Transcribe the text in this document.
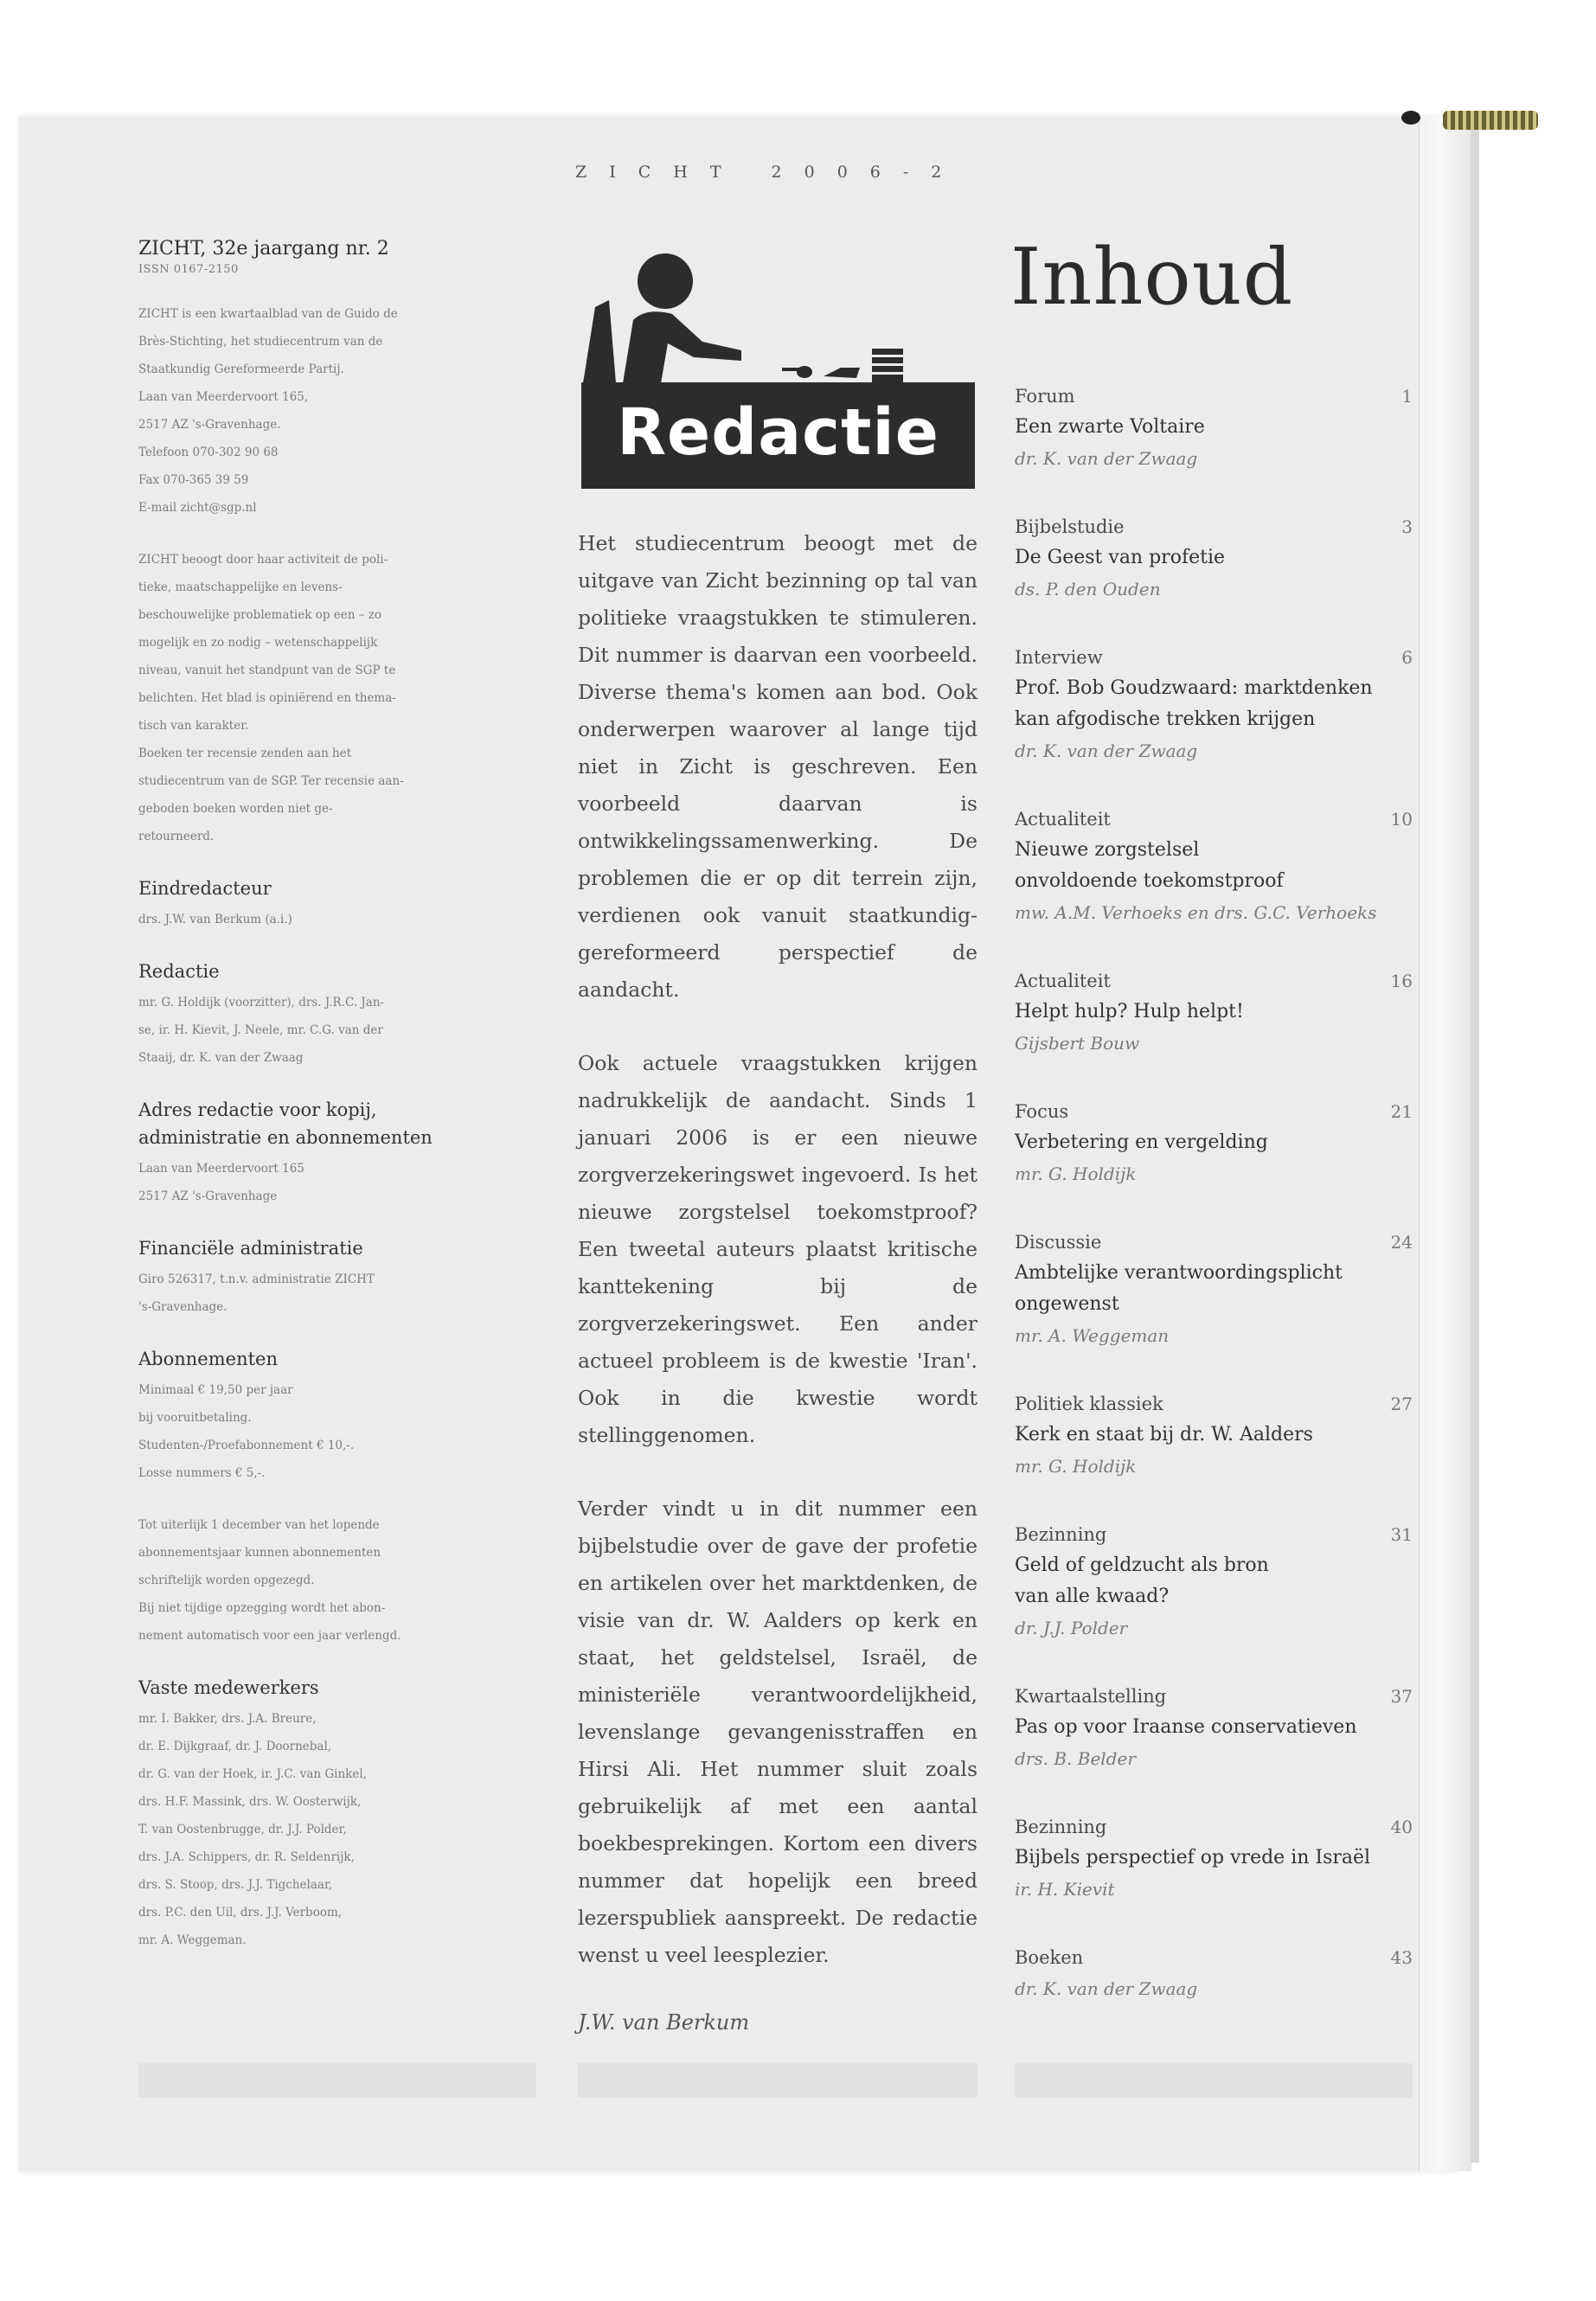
ZICHT 2006-2
ZICHT, 32e jaargang nr. 2
ISSN 0167-2150
ZICHT is een kwartaalblad van de Guido de
Brès-Stichting, het studiecentrum van de
Staatkundig Gereformeerde Partij.
Laan van Meerdervoort 165,
2517 AZ 's-Gravenhage.
Telefoon 070-302 90 68
Fax 070-365 39 59
E-mail zicht@sgp.nl
ZICHT beoogt door haar activiteit de poli-
tieke, maatschappelijke en levens-
beschouwelijke problematiek op een – zo
mogelijk en zo nodig – wetenschappelijk
niveau, vanuit het standpunt van de SGP te
belichten. Het blad is opiniërend en thema-
tisch van karakter.
Boeken ter recensie zenden aan het
studiecentrum van de SGP. Ter recensie aan-
geboden boeken worden niet ge-
retourneerd.
Eindredacteur
drs. J.W. van Berkum (a.i.)
Redactie
mr. G. Holdijk (voorzitter), drs. J.R.C. Jan-
se, ir. H. Kievit, J. Neele, mr. C.G. van der
Staaij, dr. K. van der Zwaag
Adres redactie voor kopij,
administratie en abonnementen
Laan van Meerdervoort 165
2517 AZ 's-Gravenhage
Financiële administratie
Giro 526317, t.n.v. administratie ZICHT
's-Gravenhage.
Abonnementen
Minimaal € 19,50 per jaar
bij vooruitbetaling.
Studenten-/Proefabonnement € 10,-.
Losse nummers € 5,-.
Tot uiterlijk 1 december van het lopende
abonnementsjaar kunnen abonnementen
schriftelijk worden opgezegd.
Bij niet tijdige opzegging wordt het abon-
nement automatisch voor een jaar verlengd.
Vaste medewerkers
mr. I. Bakker, drs. J.A. Breure,
dr. E. Dijkgraaf, dr. J. Doornebal,
dr. G. van der Hoek, ir. J.C. van Ginkel,
drs. H.F. Massink, drs. W. Oosterwijk,
T. van Oostenbrugge, dr. J.J. Polder,
drs. J.A. Schippers, dr. R. Seldenrijk,
drs. S. Stoop, drs. J.J. Tigchelaar,
drs. P.C. den Uil, drs. J.J. Verboom,
mr. A. Weggeman.
Redactie

Het studiecentrum beoogt met de uitgave van Zicht bezinning op tal van politieke vraagstukken te stimuleren. Dit nummer is daarvan een voorbeeld. Diverse thema's komen aan bod. Ook onderwerpen waarover al lange tijd niet in Zicht is geschreven. Een voorbeeld daarvan is ontwikkelingssamenwerking. De problemen die er op dit terrein zijn, verdienen ook vanuit staatkundig-gereformeerd perspectief de aandacht.

Ook actuele vraagstukken krijgen nadrukkelijk de aandacht. Sinds 1 januari 2006 is er een nieuwe zorgverzekeringswet ingevoerd. Is het nieuwe zorgstelsel toekomstproof? Een tweetal auteurs plaatst kritische kanttekening bij de zorgverzekeringswet. Een ander actueel probleem is de kwestie 'Iran'. Ook in die kwestie wordt stellinggenomen.

Verder vindt u in dit nummer een bijbelstudie over de gave der profetie en artikelen over het marktdenken, de visie van dr. W. Aalders op kerk en staat, het geldstelsel, Israël, de ministeriële verantwoordelijkheid, levenslange gevangenisstraffen en Hirsi Ali. Het nummer sluit zoals gebruikelijk af met een aantal boekbesprekingen. Kortom een divers nummer dat hopelijk een breed lezerspubliek aanspreekt. De redactie wenst u veel leesplezier.

J.W. van Berkum
Inhoud
Forum	1
Een zwarte Voltaire
dr. K. van der Zwaag
Bijbelstudie	3
De Geest van profetie
ds. P. den Ouden
Interview	6
Prof. Bob Goudzwaard: marktdenken
kan afgodische trekken krijgen
dr. K. van der Zwaag
Actualiteit	10
Nieuwe zorgstelsel
onvoldoende toekomstproof
mw. A.M. Verhoeks en drs. G.C. Verhoeks
Actualiteit	16
Helpt hulp? Hulp helpt!
Gijsbert Bouw
Focus	21
Verbetering en vergelding
mr. G. Holdijk
Discussie	24
Ambtelijke verantwoordingsplicht
ongewenst
mr. A. Weggeman
Politiek klassiek	27
Kerk en staat bij dr. W. Aalders
mr. G. Holdijk
Bezinning	31
Geld of geldzucht als bron
van alle kwaad?
dr. J.J. Polder
Kwartaalstelling	37
Pas op voor Iraanse conservatieven
drs. B. Belder
Bezinning	40
Bijbels perspectief op vrede in Israël
ir. H. Kievit
Boeken	43
dr. K. van der Zwaag
